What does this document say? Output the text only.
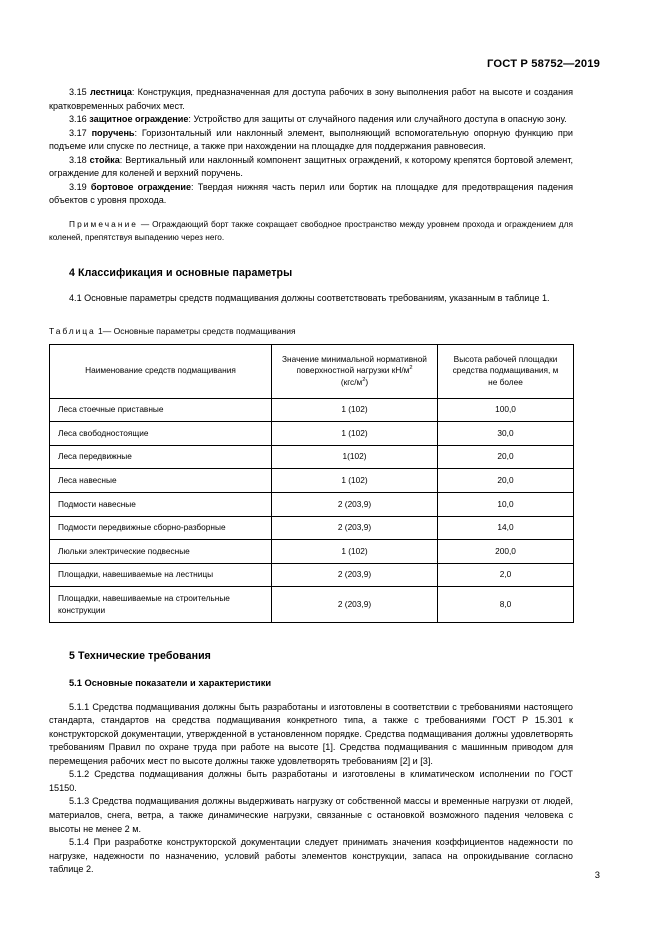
ГОСТ Р 58752—2019

3.15 лестница: Конструкция, предназначенная для доступа рабочих в зону выполнения работ на высоте и создания кратковременных рабочих мест.

3.16 защитное ограждение: Устройство для защиты от случайного падения или случайного доступа в опасную зону.

3.17 поручень: Горизонтальный или наклонный элемент, выполняющий вспомогательную опорную функцию при подъеме или спуске по лестнице, а также при нахождении на площадке для поддержания равновесия.

3.18 стойка: Вертикальный или наклонный компонент защитных ограждений, к которому крепятся бортовой элемент, ограждение для коленей и верхний поручень.

3.19 бортовое ограждение: Твердая нижняя часть перил или бортик на площадке для предотвращения падения объектов с уровня прохода.

Примечание — Ограждающий борт также сокращает свободное пространство между уровнем прохода и ограждением для коленей, препятствуя выпадению через него.

4 Классификация и основные параметры

4.1 Основные параметры средств подмащивания должны соответствовать требованиям, указанным в таблице 1.

Таблица 1— Основные параметры средств подмащивания

Наименование средств подмащивания	Значение минимальной нормативной
поверхностной нагрузки $кН/м^2$
$(кгс/м^2)$	Высота рабочей площадки
средства подмащивания, м
не более
Леса стоечные приставные	1 (102)	100,0
Леса свободностоящие	1 (102)	30,0
Леса передвижные	1(102)	20,0
Леса навесные	1 (102)	20,0
Подмости навесные	2 (203,9)	10,0
Подмости передвижные сборно-разборные	2 (203,9)	14,0
Люльки электрические подвесные	1 (102)	200,0
Площадки, навешиваемые на лестницы	2 (203,9)	2,0
Площадки, навешиваемые на строительные конструкции	2 (203,9)	8,0
5 Технические требования
5.1 Основные показатели и характеристики

5.1.1 Средства подмащивания должны быть разработаны и изготовлены в соответствии с требованиями настоящего стандарта, стандартов на средства подмащивания конкретного типа, а также с требованиями ГОСТ Р 15.301 к конструкторской документации, утвержденной в установленном порядке. Средства подмащивания должны удовлетворять требованиям Правил по охране труда при работе на высоте [1]. Средства подмащивания с машинным приводом для перемещения рабочих мест по высоте должны также удовлетворять требованиям [2] и [3].

5.1.2 Средства подмащивания должны быть разработаны и изготовлены в климатическом исполнении по ГОСТ 15150.

5.1.3 Средства подмащивания должны выдерживать нагрузку от собственной массы и временные нагрузки от людей, материалов, снега, ветра, а также динамические нагрузки, связанные с остановкой возможного падения человека с высоты не менее 2 м.

5.1.4 При разработке конструкторской документации следует принимать значения коэффициентов надежности по нагрузке, надежности по назначению, условий работы элементов конструкции, запаса на опрокидывание согласно таблице 2.	3
